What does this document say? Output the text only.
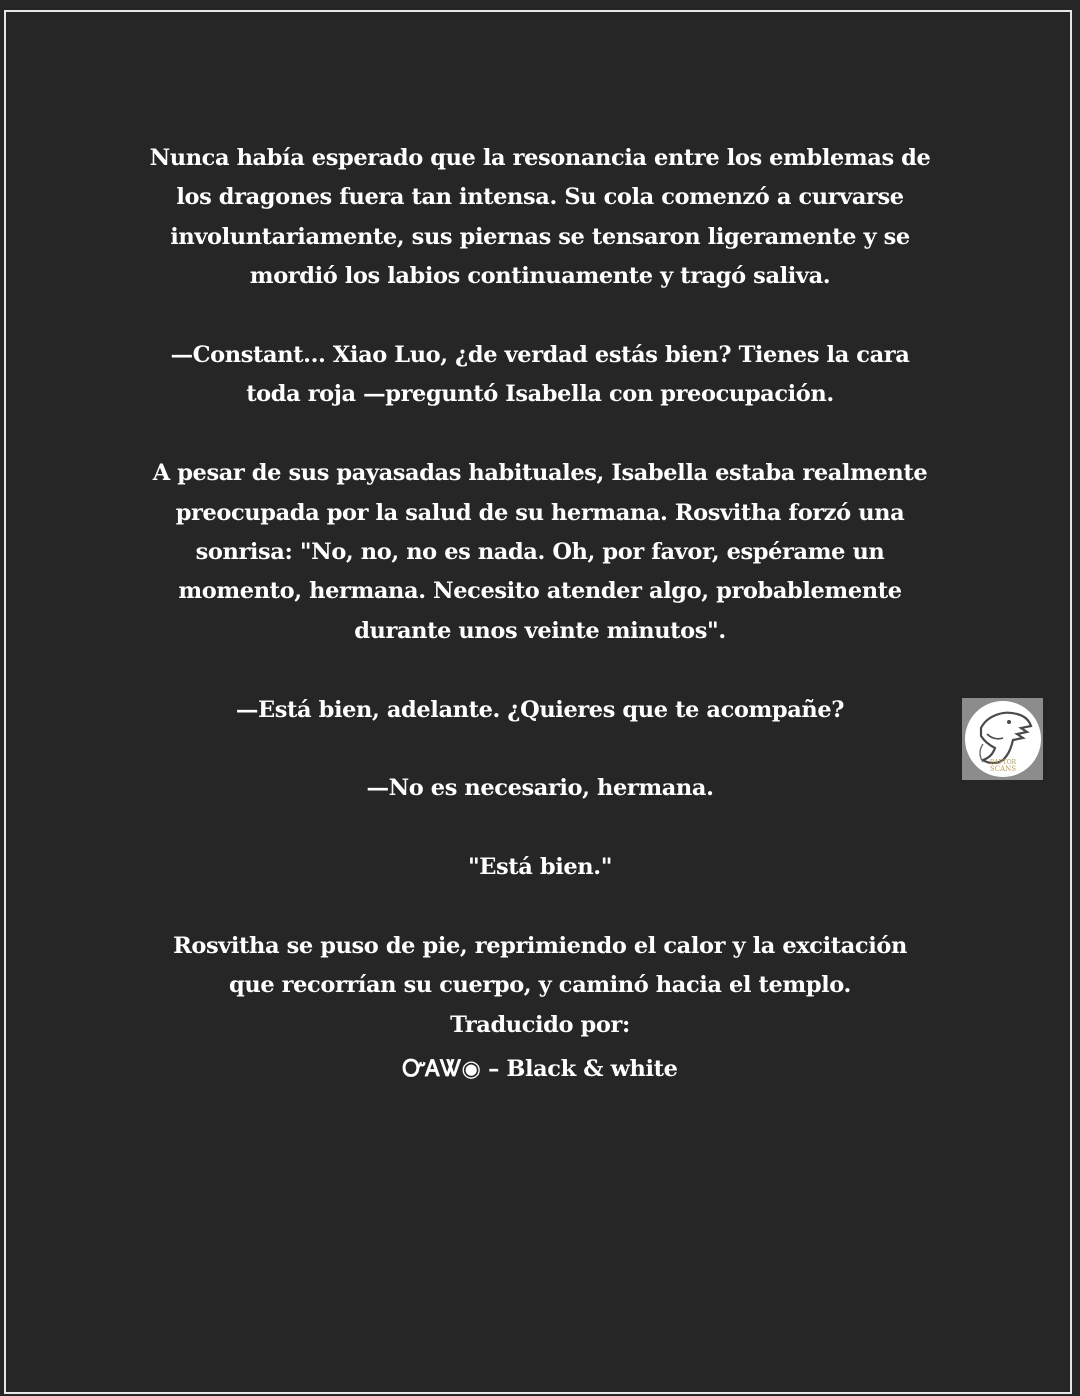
Nunca había esperado que la resonancia entre los emblemas de los dragones fuera tan intensa. Su cola comenzó a curvarse involuntariamente, sus piernas se tensaron ligeramente y se mordió los labios continuamente y tragó saliva.

—Constant... Xiao Luo, ¿de verdad estás bien? Tienes la cara toda roja —preguntó Isabella con preocupación.

A pesar de sus payasadas habituales, Isabella estaba realmente preocupada por la salud de su hermana. Rosvitha forzó una sonrisa: "No, no, no es nada. Oh, por favor, espérame un momento, hermana. Necesito atender algo, probablemente durante unos veinte minutos".

—Está bien, adelante. ¿Quieres que te acompañe?

—No es necesario, hermana.

"Está bien."

Rosvitha se puso de pie, reprimiendo el calor y la excitación que recorrían su cuerpo, y caminó hacia el templo.

Traducido por:

ᏅᎪᏔ◉ – Black & white

RAPTOR
SCANS
